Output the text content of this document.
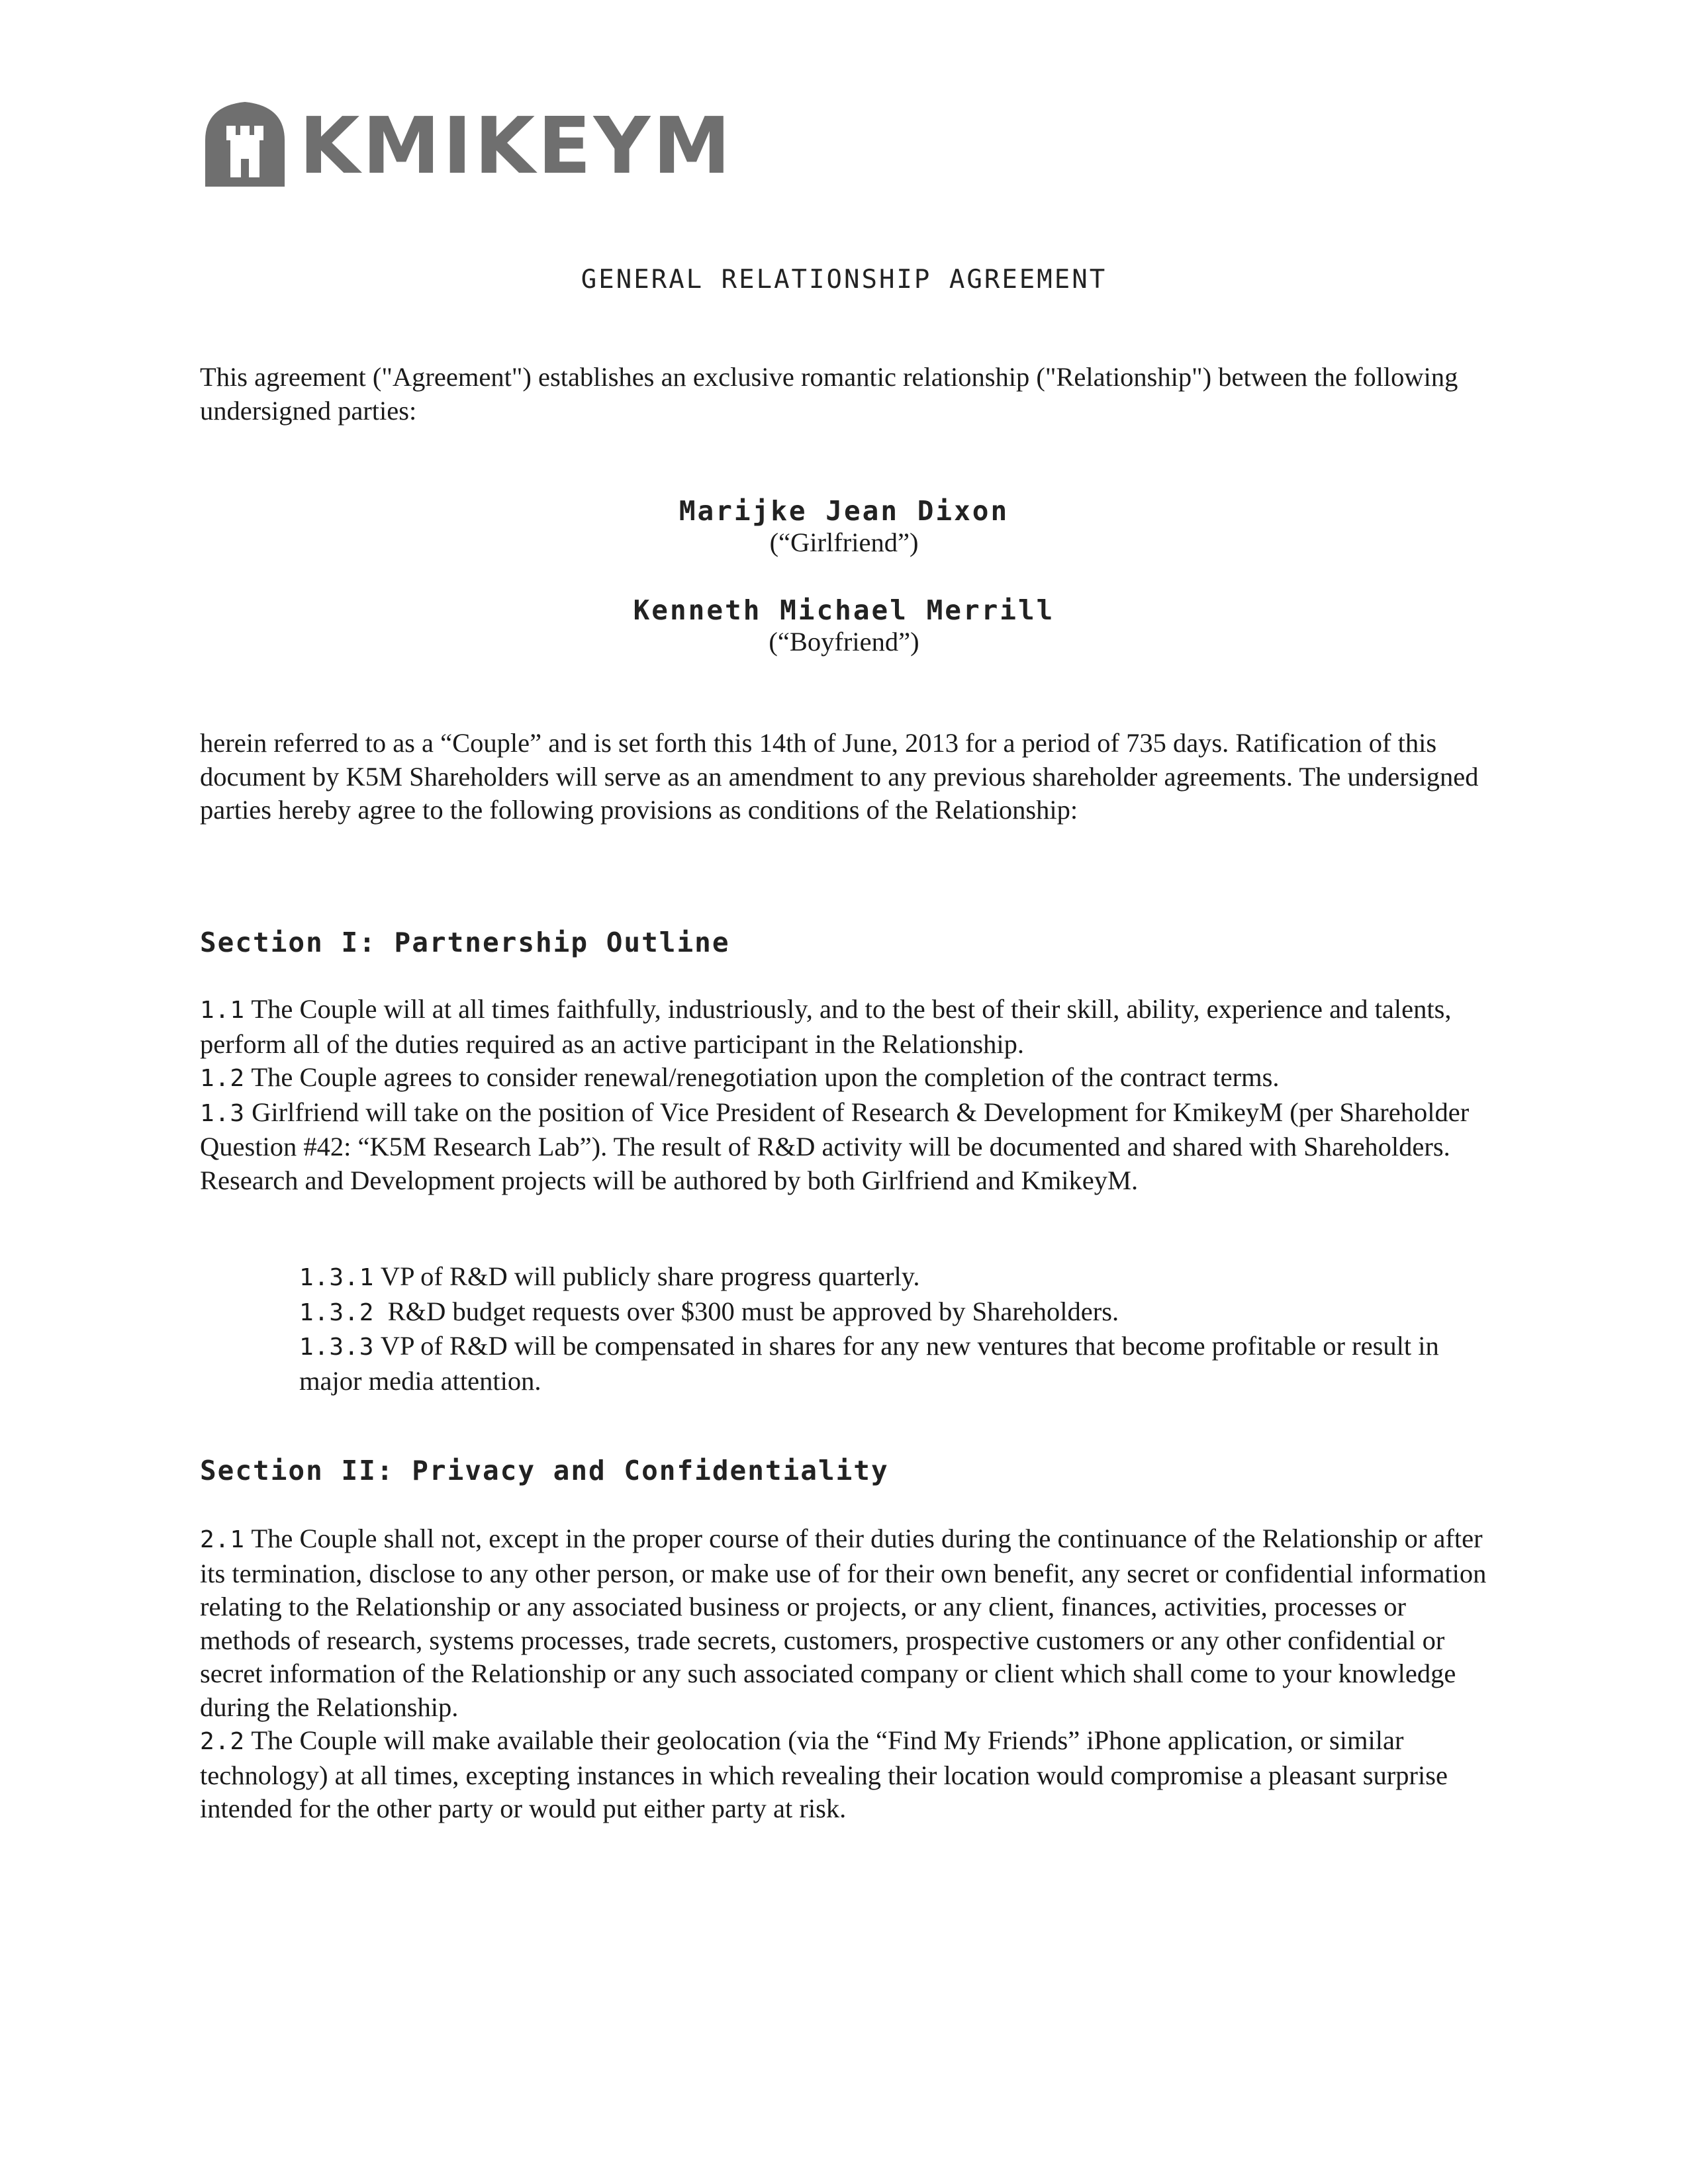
KMIKEYM
GENERAL RELATIONSHIP AGREEMENT

This agreement ("Agreement") establishes an exclusive romantic relationship ("Relationship") between the following undersigned parties:

Marijke Jean Dixon
(“Girlfriend”)
Kenneth Michael Merrill
(“Boyfriend”)

herein referred to as a “Couple” and is set forth this 14th of June, 2013 for a period of 735 days. Ratification of this document by K5M Shareholders will serve as an amendment to any previous shareholder agreements. The undersigned parties hereby agree to the following provisions as conditions of the Relationship:

Section I: Partnership Outline

1.1 The Couple will at all times faithfully, industriously, and to the best of their skill, ability, experience and talents, perform all of the duties required as an active participant in the Relationship.
1.2 The Couple agrees to consider renewal/renegotiation upon the completion of the contract terms.
1.3 Girlfriend will take on the position of Vice President of Research & Development for KmikeyM (per Shareholder Question #42: “K5M Research Lab”). The result of R&D activity will be documented and shared with Shareholders. Research and Development projects will be authored by both Girlfriend and KmikeyM.

1.3.1 VP of R&D will publicly share progress quarterly.
1.3.2  R&D budget requests over $300 must be approved by Shareholders.
1.3.3 VP of R&D will be compensated in shares for any new ventures that become profitable or result in major media attention.

Section II: Privacy and Confidentiality

2.1 The Couple shall not, except in the proper course of their duties during the continuance of the Relationship or after its termination, disclose to any other person, or make use of for their own benefit, any secret or confidential information relating to the Relationship or any associated business or projects, or any client, finances, activities, processes or methods of research, systems processes, trade secrets, customers, prospective customers or any other confidential or secret information of the Relationship or any such associated company or client which shall come to your knowledge during the Relationship.
2.2 The Couple will make available their geolocation (via the “Find My Friends” iPhone application, or similar technology) at all times, excepting instances in which revealing their location would compromise a pleasant surprise intended for the other party or would put either party at risk.
